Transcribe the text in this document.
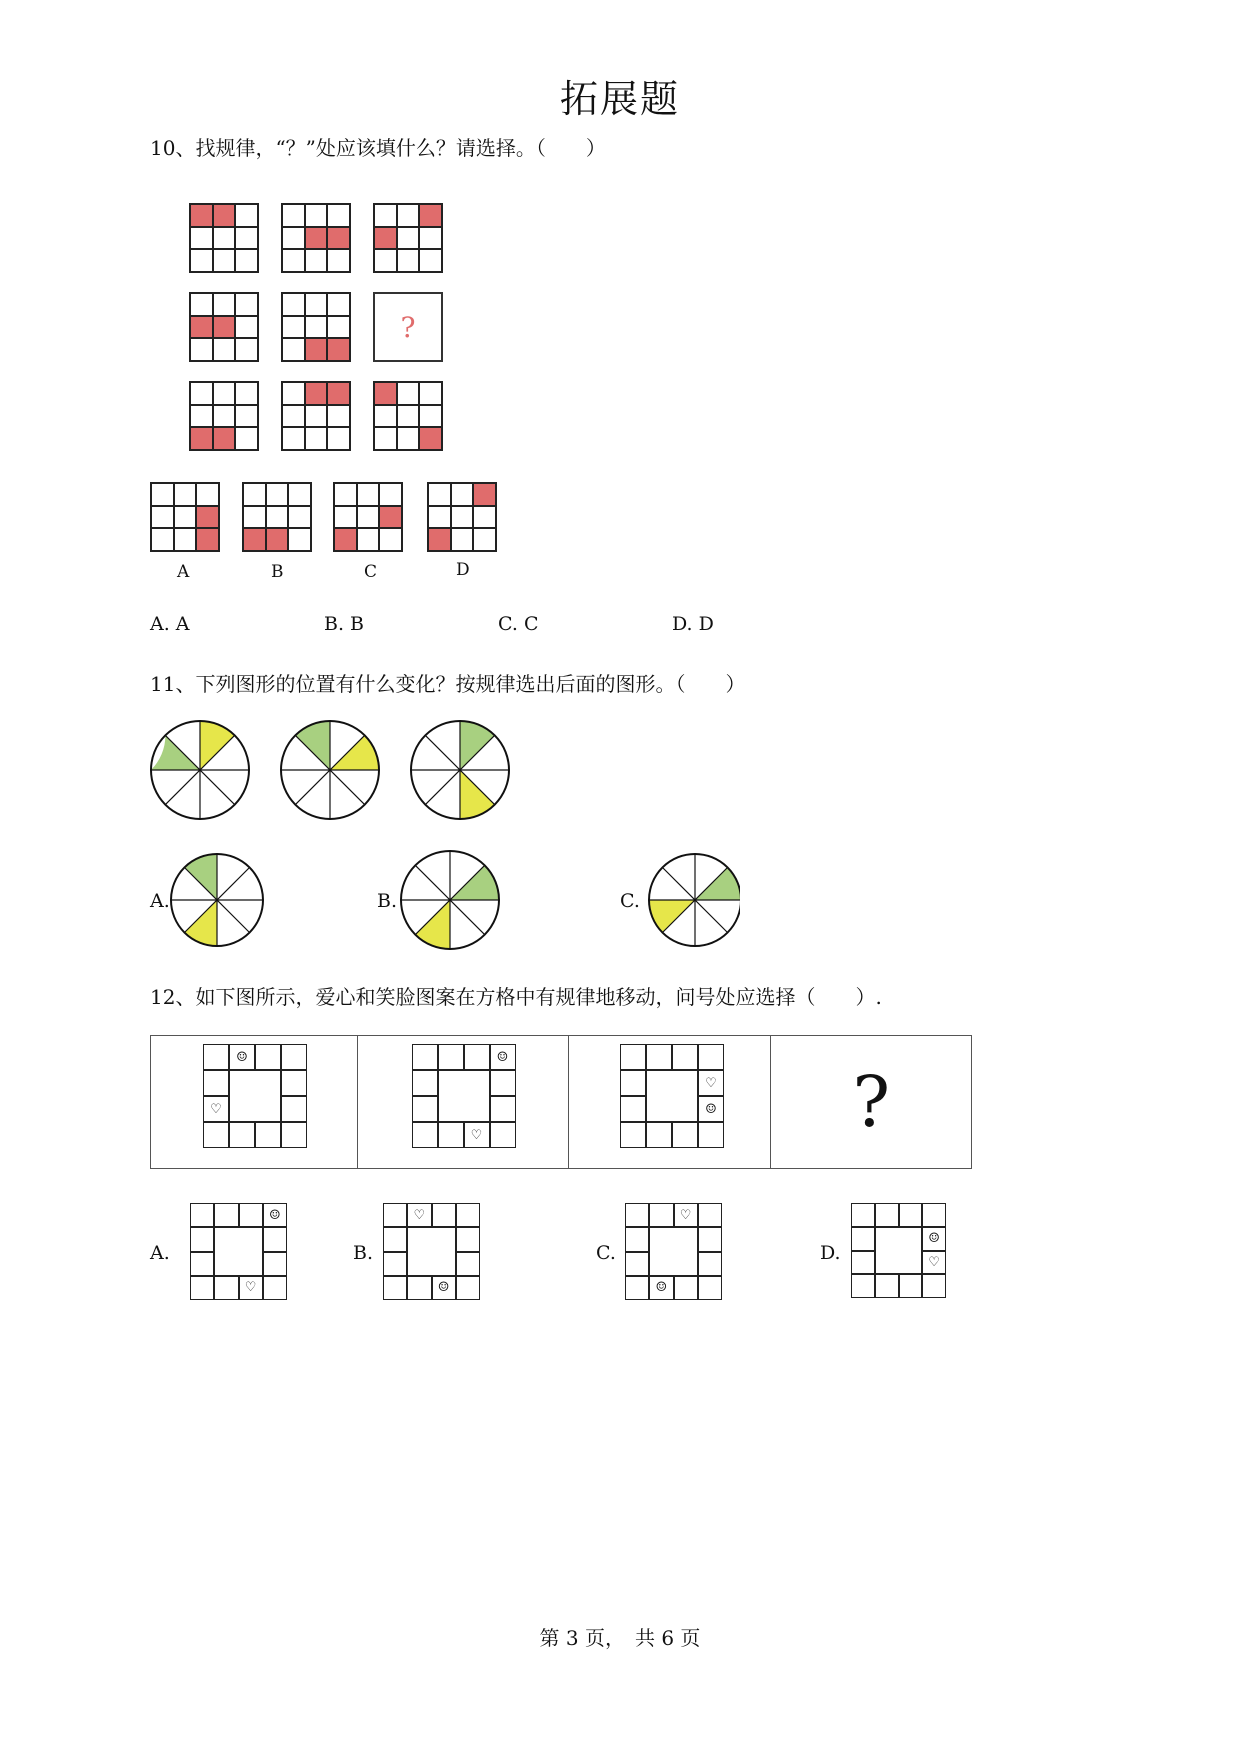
拓展题
10、找规律，“？”处应该填什么？请选择。（　　）
?
A	B	C	D
A. A	B. B	C. C	D. D
11、下列图形的位置有什么变化？按规律选出后面的图形。（　　）
A.	B.	C.
12、如下图所示，爱心和笑脸图案在方格中有规律地移动，问号处应选择（　　）.
☺
♡
☺
♡
♡
☺ ?
A.	B.	C.	D.
☺
♡
♡
☺
♡
☺
☺
♡
第 3 页，　共 6 页
